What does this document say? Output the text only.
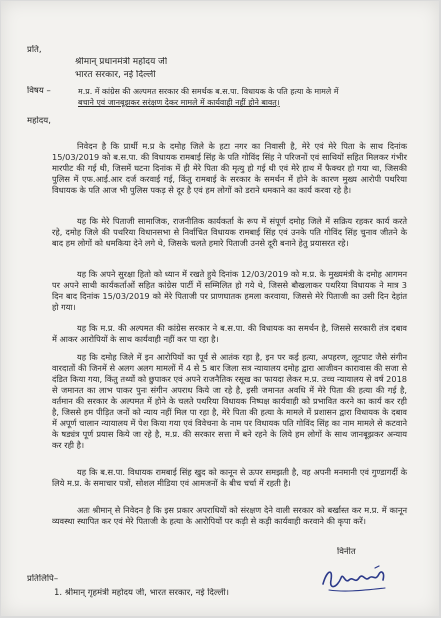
प्रति,
श्रीमान् प्रधानमंत्री महोदय जी
भारत सरकार, नई दिल्ली
विषय –	म.प्र. में कांग्रेस की अल्पमत सरकार की समर्थक ब.स.पा. विधायक के पति हत्या के मामले में
बचाने एवं जानबूझकर सरंक्षण देकर मामले में कार्यवाही नहीं होने बावत्।
महोदय,

निवेदन है कि प्रार्थी म.प्र के दमोह जिले के हटा नगर का निवासी है, मेरे एवं मेरे पिता के साथ दिनांक 15/03/2019 को ब.स.पा. की विधायक रामबाई सिंह के पति गोविंद सिंह ने परिजनों एवं साथियों सहित मिलकर गंभीर मारपीट की गई थी, जिसमें घटना दिनांक में ही मेरे पिता की मृत्यु हो गई थी एवं मेरे हाथ में फैक्चर हो गया था, जिसकी पुलिस में एफ.आई.आर दर्ज करवाई गई, किंतु रामबाई के सरकार के समर्थन में होने के कारण मुख्य आरोपी पथरिया विधायक के पति आज भी पुलिस पकड़ से दूर है एवं हम लोगों को डराने धमकाने का कार्य करवा रहे है।

यह कि मेरे पिताजी सामाजिक, राजनीतिक कार्यकर्ता के रूप में संपूर्ण दमोह जिले में सक्रिय रहकर कार्य करते रहे, दमोह जिले की पथरिया विधानसभा से निर्वाचित विधायक रामबाई सिंह एवं उनके पति गोविंद सिंह चुनाव जीतने के बाद हम लोगों को धमकिया देने लगे थे, जिसके चलते हमारे पिताजी उनसे दूरी बनाने हेतु प्रयासरत रहे।

यह कि अपने सुरक्षा हितो को ध्यान में रखते हुये दिनांक 12/03/2019 को म.प्र. के मुख्यमंत्री के दमोह आगमन पर अपने साथी कार्यकर्ताओं सहित कांग्रेस पार्टी में सम्मिलित हो गये थे, जिससे बौखलाकर पथरिया विधायक ने मात्र 3 दिन बाद दिनांक 15/03/2019 को मेरे पिताजी पर प्राणघातक हमला करवाया, जिससे मेरे पिताजी का उसी दिन देहांत हो गया।

यह कि म.प्र. की अल्पमत की कांग्रेस सरकार ने ब.स.पा. की विधायक का समर्थन है, जिससे सरकारी तंत्र दबाव में आकर आरोपियों के साथ कार्यवाही नहीं कर पा रहा है।

यह कि दमोह जिले में इन आरोपियों का पूर्व से आतंक रहा है, इन पर कई हत्या, अपहरण, लूटपाट जैसे संगीन वारदातों की जिनमें से अलग अलग मामलों में 4 से 5 बार जिला सत्र न्यायालय दमोह द्वारा आजीवन कारावास की सजा से दंडित किया गया, किंतु तथ्यों को छुपाकर एवं अपने राजनैतिक रसूख का फायदा लेकर म.प्र. उच्च न्यायालय से वर्ष 2018 से जमानत का लाभ पाकर पुनः संगीन अपराध किये जा रहे है, इसी जमानत अवधि में मेरे पिता की हत्या की गई है, वर्तमान की सरकार के अल्पमत में होने के चलते पथरिया विधायक निष्पक्ष कार्यवाही को प्रभावित करने का कार्य कर रही है, जिससे हम पीड़ित जनों को न्याय नहीं मिल पा रहा है, मेरे पिता की हत्या के मामले में प्रशासन द्वारा विधायक के दबाव में अपूर्ण चालान न्यायालय में पेश किया गया एवं विवेचना के नाम पर विधायक पति गोविंद सिंह का नाम मामले से कटवाने के षड्यंत्र पूर्ण प्रयास किये जा रहे है, म.प्र. की सरकार सत्ता में बने रहने के लिये हम लोगों के साथ जानबूझकर अन्याय कर रही है।

यह कि ब.स.पा. विधायक रामबाई सिंह खुद को कानून से ऊपर समझती है, वह अपनी मनमानी एवं गुण्डागर्दी के लिये म.प्र. के समाचार पत्रों, सोशल मीडिया एवं आमजनों के बीच चर्चा में रहती है।

अतः श्रीमान् से निवेदन है कि इस प्रकार अपराधियों को संरक्षण देने वाली सरकार को बर्खास्त कर म.प्र. में कानून व्यवस्था स्थापित कर एवं मेरे पिताजी के हत्या के आरोपियों पर कड़ी से कड़ी कार्यवाही करवाने की कृपा करें।

विनीत
प्रतिलिपि–
1. श्रीमान् गृहमंत्री महोदय जी, भारत सरकार, नई दिल्ली।
